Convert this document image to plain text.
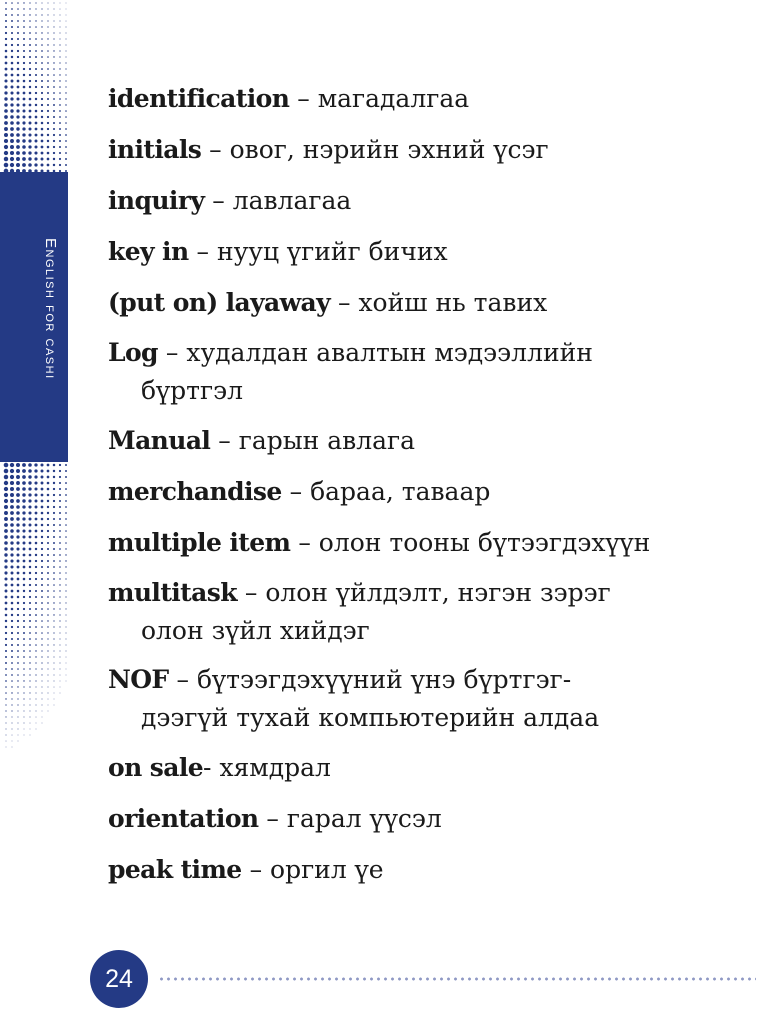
English for cashi
identification – магадалгаа
initials – овог, нэрийн эхний үсэг
inquiry – лавлагаа
key in – нууц үгийг бичих
(put on) layaway – хойш нь тавих
Log – худалдан авалтын мэдээллийн
бүртгэл
Manual – гарын авлага
merchandise – бараа, таваар
multiple item – олон тооны бүтээгдэхүүн
multitask – олон үйлдэлт, нэгэн зэрэг
олон зүйл хийдэг
NOF – бүтээгдэхүүний үнэ бүртгэг-
дээгүй тухай компьютерийн алдаа
on sale- хямдрал
orientation – гарал үүсэл
peak time – оргил үе
24
